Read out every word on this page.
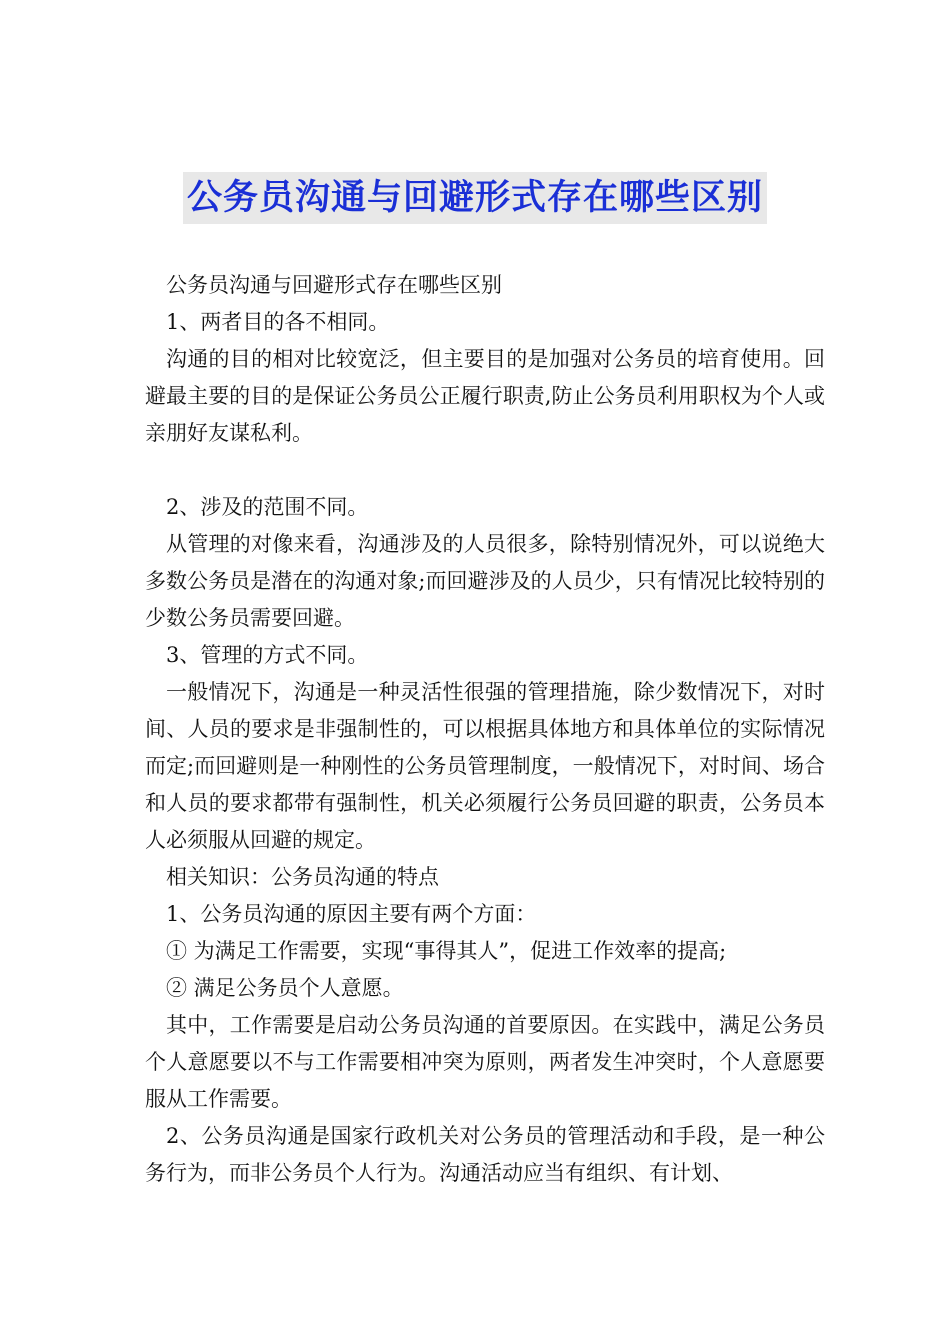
公务员沟通与回避形式存在哪些区别

公务员沟通与回避形式存在哪些区别

1、两者目的各不相同。

沟通的目的相对比较宽泛，但主要目的是加强对公务员的培育使用。回避最主要的目的是保证公务员公正履行职责,防止公务员利用职权为个人或亲朋好友谋私利。

2、涉及的范围不同。

从管理的对像来看，沟通涉及的人员很多，除特别情况外，可以说绝大多数公务员是潜在的沟通对象;而回避涉及的人员少，只有情况比较特别的少数公务员需要回避。

3、管理的方式不同。

一般情况下，沟通是一种灵活性很强的管理措施，除少数情况下，对时间、人员的要求是非强制性的，可以根据具体地方和具体单位的实际情况而定;而回避则是一种刚性的公务员管理制度，一般情况下，对时间、场合和人员的要求都带有强制性，机关必须履行公务员回避的职责，公务员本人必须服从回避的规定。

相关知识：公务员沟通的特点

1、公务员沟通的原因主要有两个方面：

① 为满足工作需要，实现“事得其人”，促进工作效率的提高;

② 满足公务员个人意愿。

其中，工作需要是启动公务员沟通的首要原因。在实践中，满足公务员个人意愿要以不与工作需要相冲突为原则，两者发生冲突时，个人意愿要服从工作需要。

2、公务员沟通是国家行政机关对公务员的管理活动和手段，是一种公务行为，而非公务员个人行为。沟通活动应当有组织、有计划、
